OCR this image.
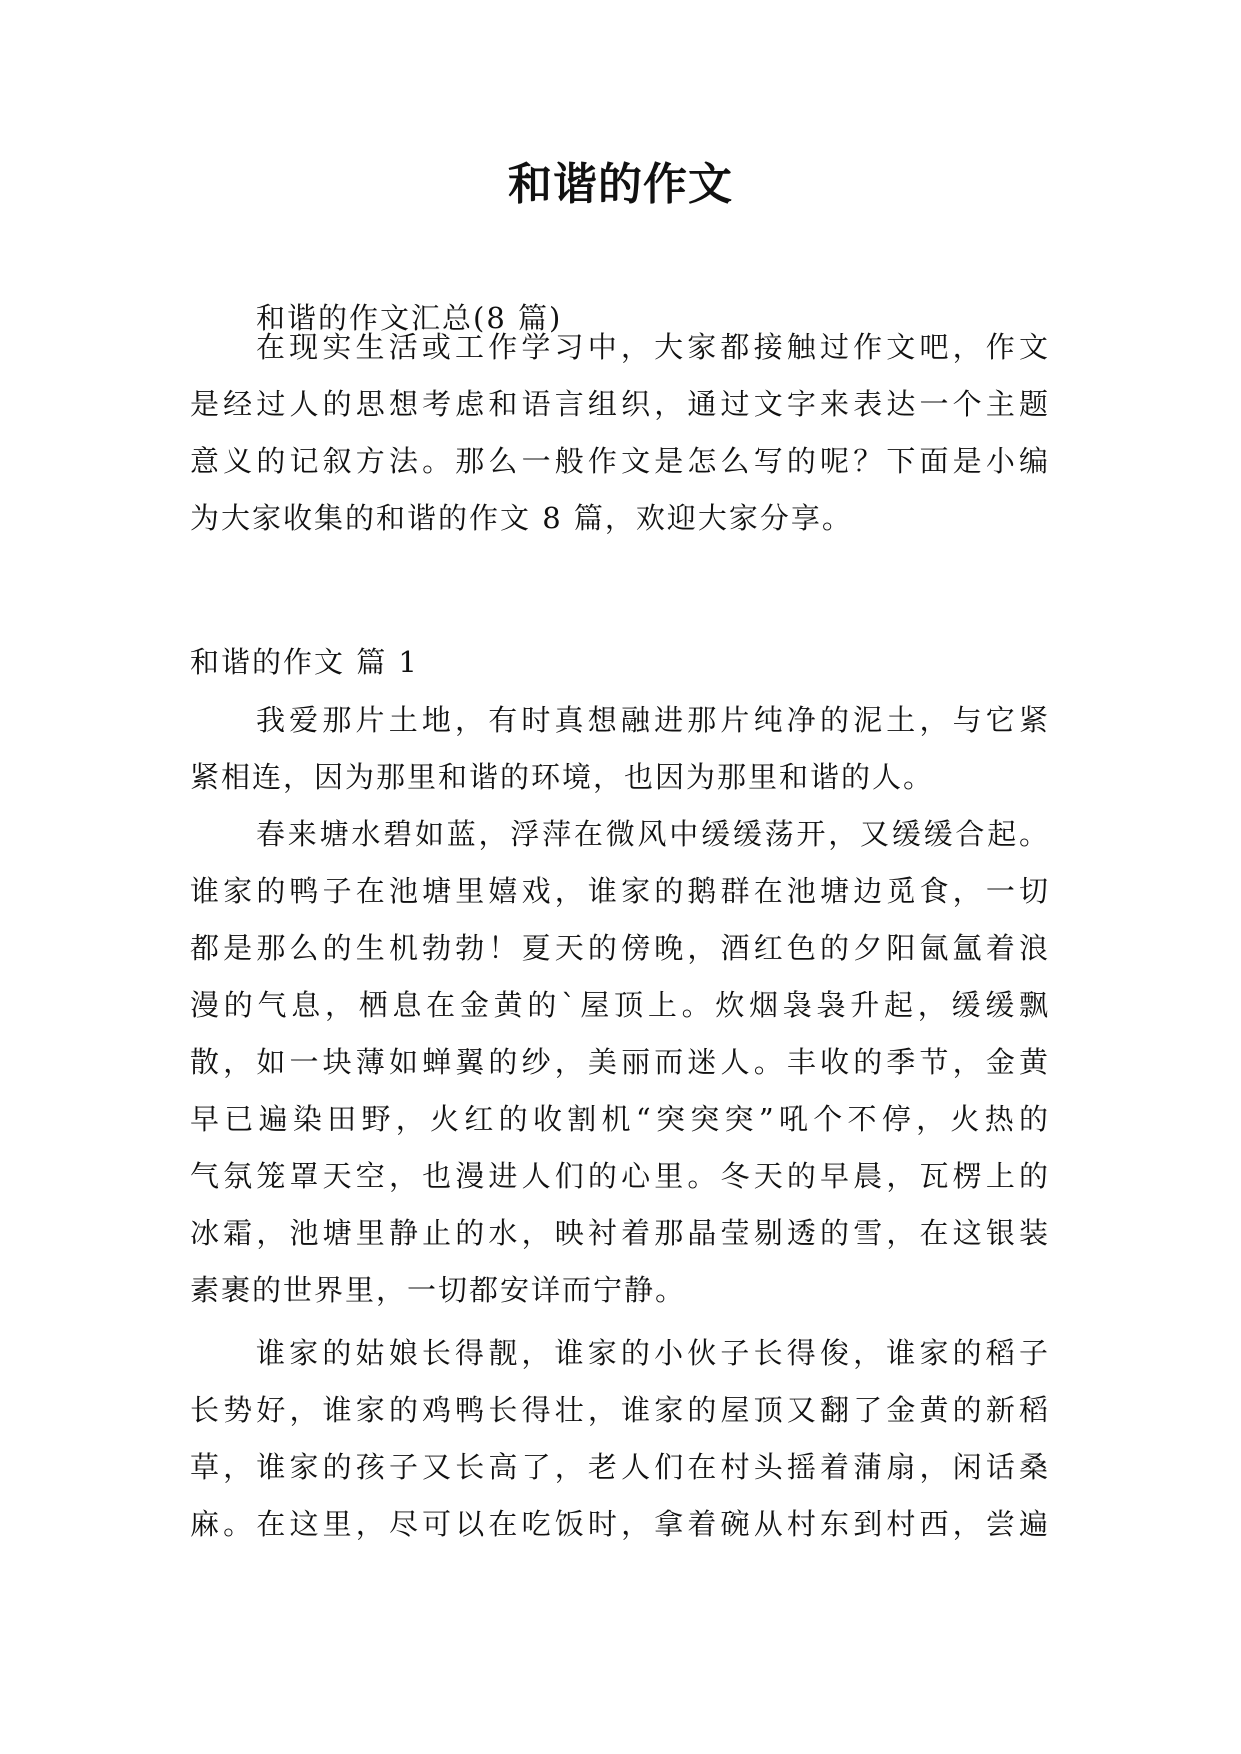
和谐的作文
和谐的作文汇总(8 篇)
在现实生活或工作学习中，大家都接触过作文吧，作文
是经过人的思想考虑和语言组织，通过文字来表达一个主题
意义的记叙方法。那么一般作文是怎么写的呢？下面是小编
为大家收集的和谐的作文 8 篇，欢迎大家分享。
和谐的作文 篇 1
我爱那片土地，有时真想融进那片纯净的泥土，与它紧
紧相连，因为那里和谐的环境，也因为那里和谐的人。
春来塘水碧如蓝，浮萍在微风中缓缓荡开，又缓缓合起。
谁家的鸭子在池塘里嬉戏，谁家的鹅群在池塘边觅食，一切
都是那么的生机勃勃！夏天的傍晚，酒红色的夕阳氤氲着浪
漫的气息，栖息在金黄的`屋顶上。炊烟袅袅升起，缓缓飘
散，如一块薄如蝉翼的纱，美丽而迷人。丰收的季节，金黄
早已遍染田野，火红的收割机“突突突”吼个不停，火热的
气氛笼罩天空，也漫进人们的心里。冬天的早晨，瓦楞上的
冰霜，池塘里静止的水，映衬着那晶莹剔透的雪，在这银装
素裹的世界里，一切都安详而宁静。
谁家的姑娘长得靓，谁家的小伙子长得俊，谁家的稻子
长势好，谁家的鸡鸭长得壮，谁家的屋顶又翻了金黄的新稻
草，谁家的孩子又长高了，老人们在村头摇着蒲扇，闲话桑
麻。在这里，尽可以在吃饭时，拿着碗从村东到村西，尝遍
